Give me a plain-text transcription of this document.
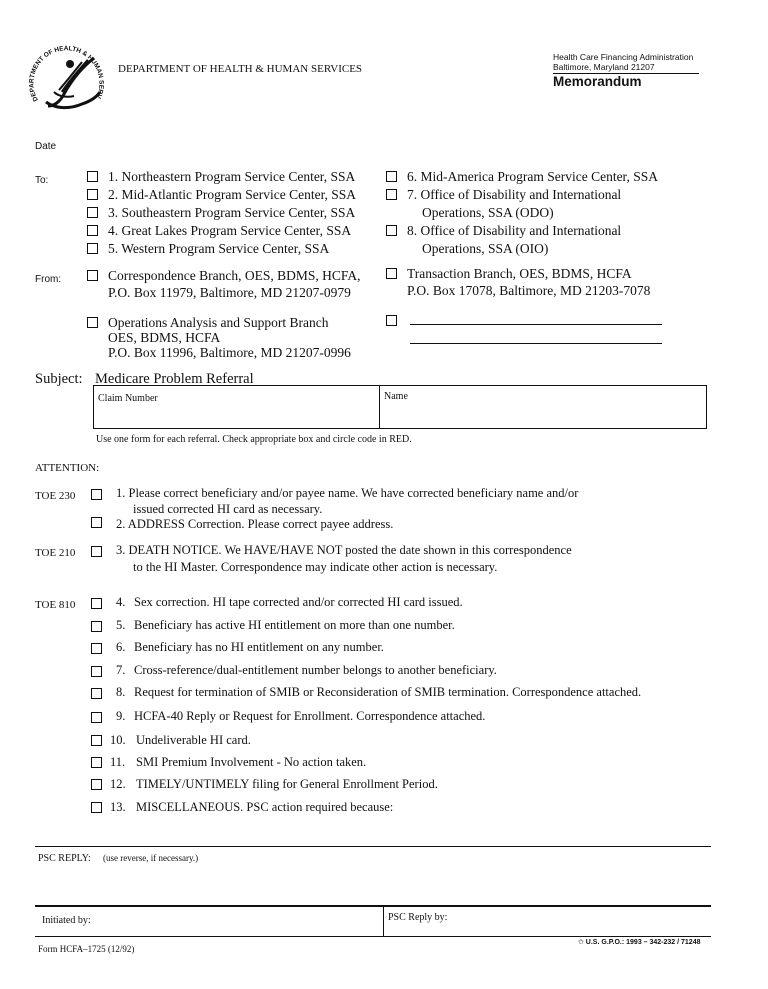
DEPARTMENT OF HEALTH & HUMAN SERV
DEPARTMENT OF HEALTH & HUMAN SERVICES
Health Care Financing Administration
Baltimore, Maryland 21207
Memorandum
Date
To:	1. Northeastern Program Service Center, SSA
2. Mid-Atlantic Program Service Center, SSA
3. Southeastern Program Service Center, SSA
4. Great Lakes Program Service Center, SSA
5. Western Program Service Center, SSA
6. Mid-America Program Service Center, SSA
7. Office of Disability and International
Operations, SSA (ODO)
8. Office of Disability and International
Operations, SSA (OIO)
From:	Correspondence Branch, OES, BDMS, HCFA,
P.O. Box 11979, Baltimore, MD 21207-0979
Transaction Branch, OES, BDMS, HCFA
P.O. Box 17078, Baltimore, MD 21203-7078
Operations Analysis and Support Branch
OES, BDMS, HCFA
P.O. Box 11996, Baltimore, MD 21207-0996
Subject: Medicare Problem Referral
Claim Number	Name
Use one form for each referral. Check appropriate box and circle code in RED.
ATTENTION:
TOE 230	1. Please correct beneficiary and/or payee name. We have corrected beneficiary name and/or
issued corrected HI card as necessary.
2. ADDRESS Correction. Please correct payee address.
TOE 210	3. DEATH NOTICE. We HAVE/HAVE NOT posted the date shown in this correspondence
to the HI Master. Correspondence may indicate other action is necessary.
TOE 810	4. Sex correction. HI tape corrected and/or corrected HI card issued.
5. Beneficiary has active HI entitlement on more than one number.
6. Beneficiary has no HI entitlement on any number.
7. Cross-reference/dual-entitlement number belongs to another beneficiary.
8. Request for termination of SMIB or Reconsideration of SMIB termination. Correspondence attached.
9. HCFA-40 Reply or Request for Enrollment. Correspondence attached.
10. Undeliverable HI card.
11. SMI Premium Involvement - No action taken.
12. TIMELY/UNTIMELY filing for General Enrollment Period.
13. MISCELLANEOUS. PSC action required because:
PSC REPLY: (use reverse, if necessary.)
Initiated by:	PSC Reply by:
Form HCFA–1725 (12/92)
✩ U.S. G.P.O.: 1993 – 342-232 / 71248
